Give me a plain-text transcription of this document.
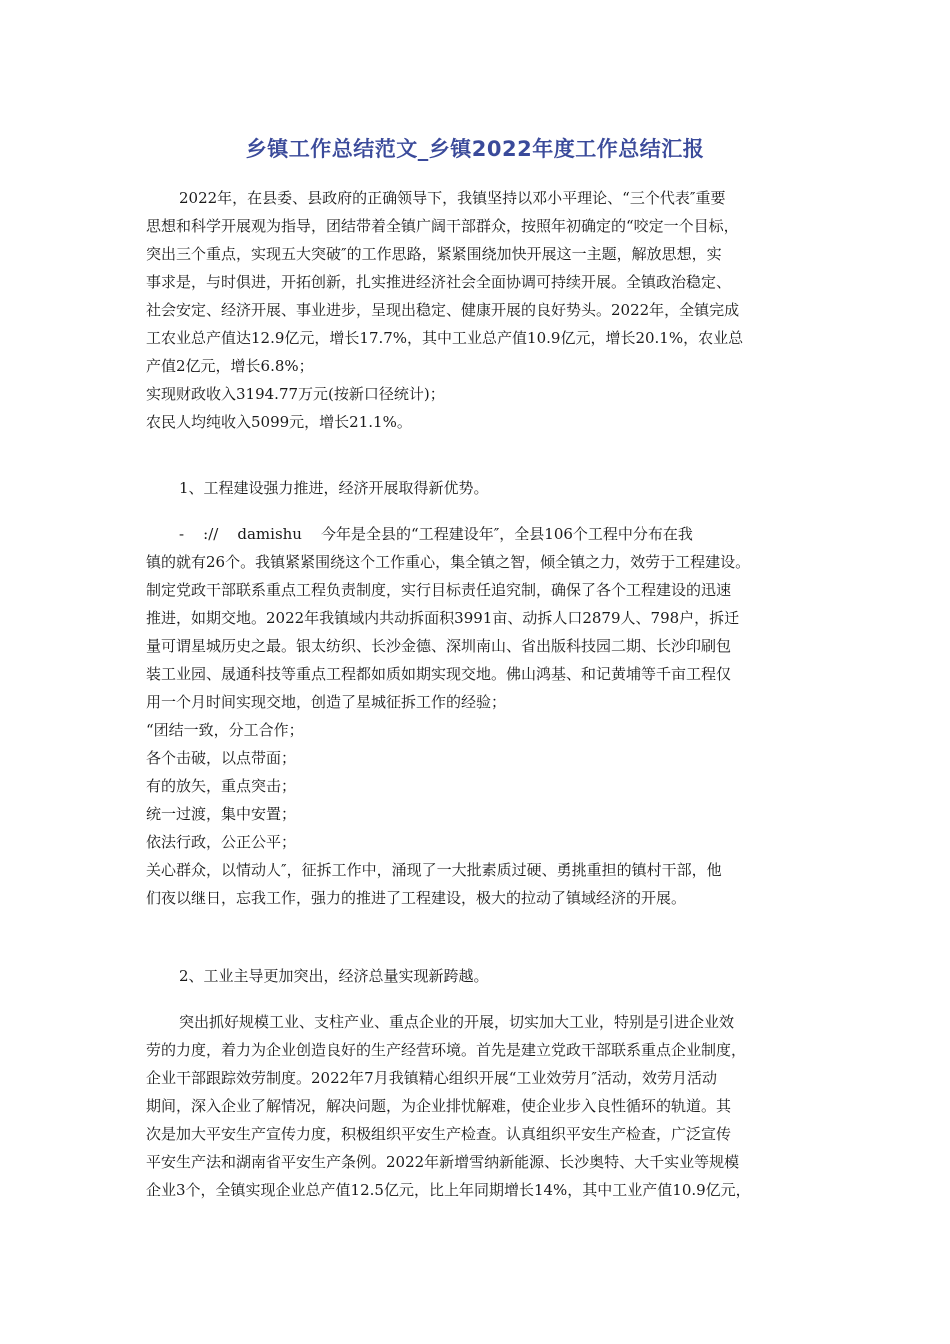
乡镇工作总结范文_乡镇2022年度工作总结汇报
2022年，在县委、县政府的正确领导下，我镇坚持以邓小平理论、“三个代表″重要
思想和科学开展观为指导，团结带着全镇广阔干部群众，按照年初确定的“咬定一个目标，
突出三个重点，实现五大突破″的工作思路，紧紧围绕加快开展这一主题，解放思想，实
事求是，与时俱进，开拓创新，扎实推进经济社会全面协调可持续开展。全镇政治稳定、
社会安定、经济开展、事业进步，呈现出稳定、健康开展的良好势头。2022年，全镇完成
工农业总产值达12.9亿元，增长17.7%，其中工业总产值10.9亿元，增长20.1%，农业总
产值2亿元，增长6.8%；
实现财政收入3194.77万元(按新口径统计)；
农民人均纯收入5099元，增长21.1%。
1、工程建设强力推进，经济开展取得新优势。
-    ://    damishu    今年是全县的“工程建设年″，全县106个工程中分布在我
镇的就有26个。我镇紧紧围绕这个工作重心，集全镇之智，倾全镇之力，效劳于工程建设。
制定党政干部联系重点工程负责制度，实行目标责任追究制，确保了各个工程建设的迅速
推进，如期交地。2022年我镇域内共动拆面积3991亩、动拆人口2879人、798户，拆迁
量可谓星城历史之最。银太纺织、长沙金德、深圳南山、省出版科技园二期、长沙印刷包
装工业园、晟通科技等重点工程都如质如期实现交地。佛山鸿基、和记黄埔等千亩工程仅
用一个月时间实现交地，创造了星城征拆工作的经验；
“团结一致，分工合作；
各个击破，以点带面；
有的放矢，重点突击；
统一过渡，集中安置；
依法行政，公正公平；
关心群众，以情动人″，征拆工作中，涌现了一大批素质过硬、勇挑重担的镇村干部，他
们夜以继日，忘我工作，强力的推进了工程建设，极大的拉动了镇域经济的开展。
2、工业主导更加突出，经济总量实现新跨越。
突出抓好规模工业、支柱产业、重点企业的开展，切实加大工业，特别是引进企业效
劳的力度，着力为企业创造良好的生产经营环境。首先是建立党政干部联系重点企业制度，
企业干部跟踪效劳制度。2022年7月我镇精心组织开展“工业效劳月″活动，效劳月活动
期间，深入企业了解情况，解决问题，为企业排忧解难，使企业步入良性循环的轨道。其
次是加大平安生产宣传力度，积极组织平安生产检查。认真组织平安生产检查，广泛宣传
平安生产法和湖南省平安生产条例。2022年新增雪纳新能源、长沙奥特、大千实业等规模
企业3个，全镇实现企业总产值12.5亿元，比上年同期增长14%，其中工业产值10.9亿元，
